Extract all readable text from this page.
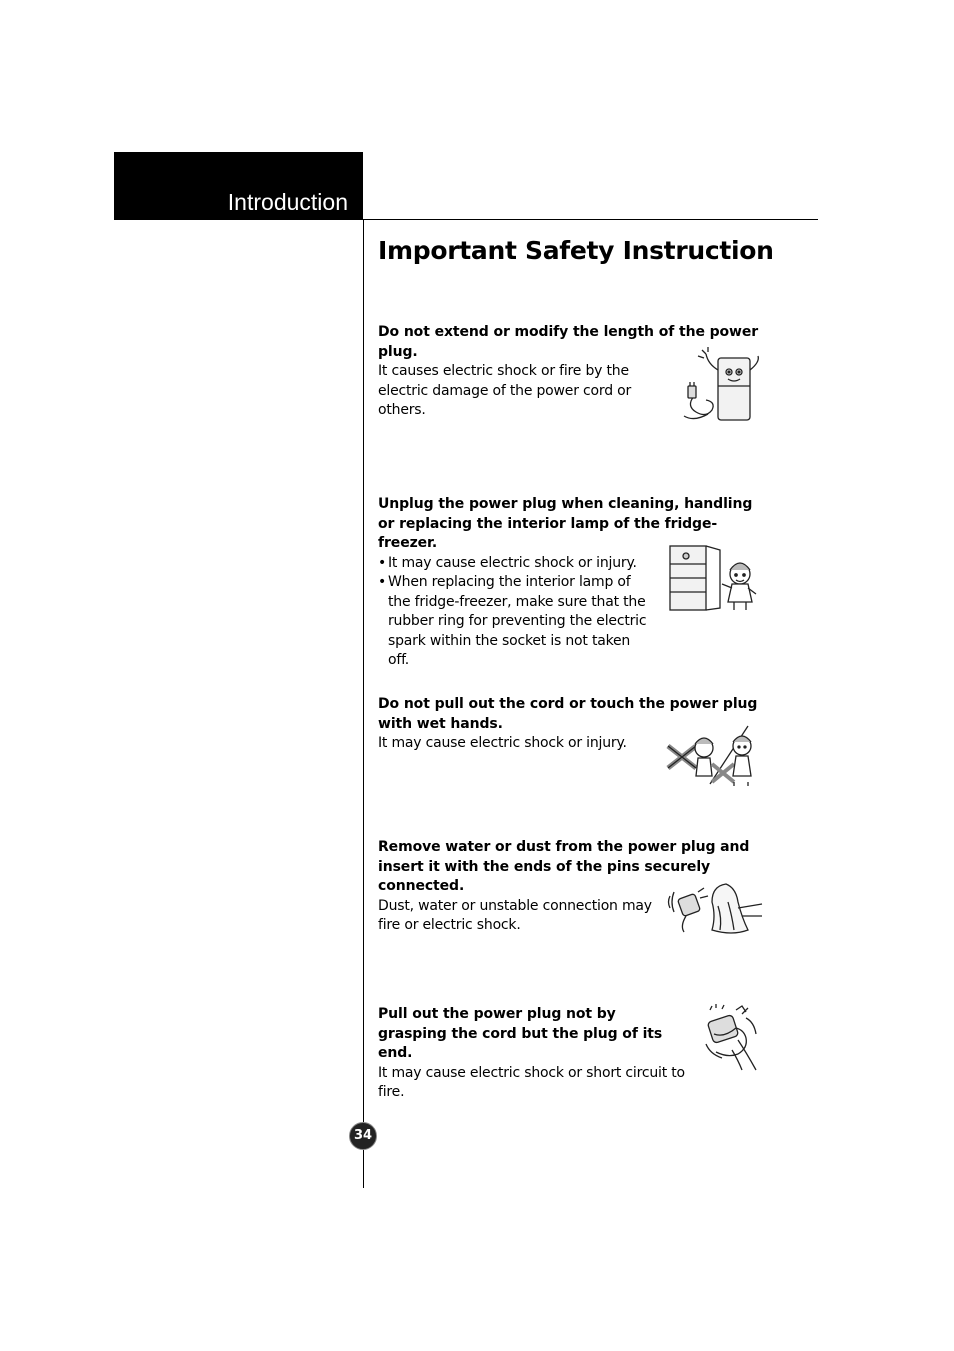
Introduction
Important Safety Instruction

Do not extend or modify the length of the power plug.

It causes electric shock or fire by the electric damage of the power cord or others.

Unplug the power plug when cleaning, handling or replacing the interior lamp of the fridge-freezer.

• It may cause electric shock or injury.
• When replacing the interior lamp of the fridge-freezer, make sure that the rubber ring for preventing the electric spark within the socket is not taken off.

Do not pull out the cord or touch the power plug with wet hands.

It may cause electric shock or injury.

Remove water or dust from the power plug and insert it with the ends of the pins securely connected.

Dust, water or unstable connection may fire or electric shock.

Pull out the power plug not by grasping the cord but the plug of its end.

It may cause electric shock or short circuit to fire.

34
